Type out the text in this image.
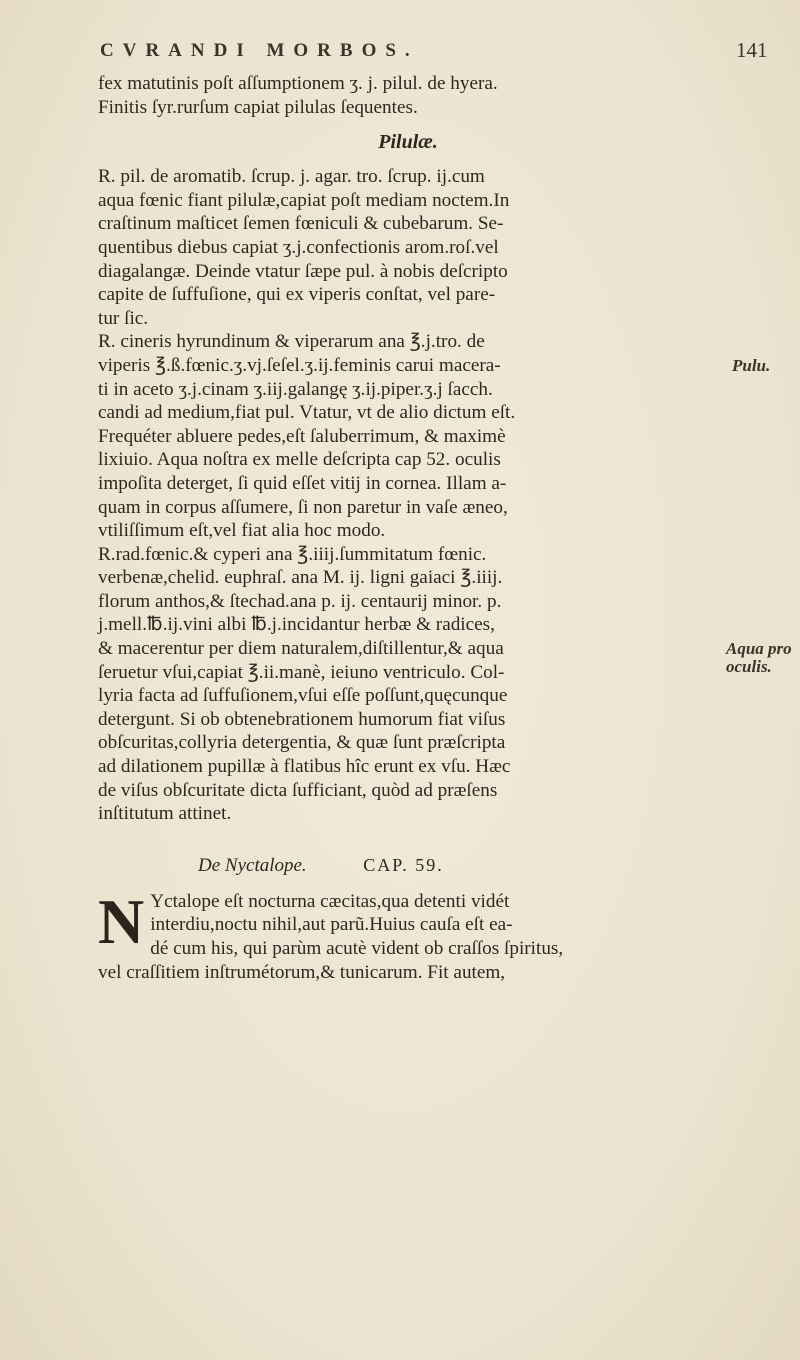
CVRANDI MORBOS.	141
fex matutinis poſt aſſumptionem ʒ. j. pilul. de hyera.
Finitis ſyr.rurſum capiat pilulas ſequentes.
Pilulæ.
R. pil. de aromatib. ſcrup. j. agar. tro. ſcrup. ij.cum
aqua fœnic fiant pilulæ,capiat poſt mediam noctem.In
craſtinum maſticet ſemen fœniculi & cubebarum. Se-
quentibus diebus capiat ʒ.j.confectionis arom.roſ.vel
diagalangæ. Deinde vtatur ſæpe pul. à nobis deſcripto
capite de ſuffuſione, qui ex viperis conſtat, vel pare-
tur ſic.
R. cineris hyrundinum & viperarum ana ℥.j.tro. de
viperis ℥.ß.fœnic.ʒ.vj.ſeſel.ʒ.ij.feminis carui macera-
ti in aceto ʒ.j.cinam ʒ.iij.galangę ʒ.ij.piper.ʒ.j ſacch.
candi ad medium,fiat pul. Vtatur, vt de alio dictum eſt.
Frequéter abluere pedes,eſt ſaluberrimum, & maximè
lixiuio. Aqua noſtra ex melle deſcripta cap 52. oculis
impoſita deterget, ſi quid eſſet vitij in cornea. Illam a-
quam in corpus aſſumere, ſi non paretur in vaſe æneo,
vtiliſſimum eſt,vel fiat alia hoc modo.
R.rad.fœnic.& cyperi ana ℥.iiij.ſummitatum fœnic.
verbenæ,chelid. euphraſ. ana M. ij. ligni gaiaci ℥.iiij.
florum anthos,& ſtechad.ana p. ij. centaurij minor. p.
j.mell.℔.ij.vini albi ℔.j.incidantur herbæ & radices,
& macerentur per diem naturalem,diſtillentur,& aqua
ſeruetur vſui,capiat ℥.ii.manè, ieiuno ventriculo. Col-
lyria facta ad ſuffuſionem,vſui eſſe poſſunt,quęcunque
detergunt. Si ob obtenebrationem humorum fiat viſus
obſcuritas,collyria detergentia, & quæ ſunt præſcripta
ad dilationem pupillæ à flatibus hîc erunt ex vſu. Hæc
de viſus obſcuritate dicta ſufficiant, quòd ad præſens
inſtitutum attinet.
De Nyctalope.	CAP. 59.
N Yctalope eſt nocturna cæcitas,qua detenti vidét
interdiu,noctu nihil,aut parũ.Huius cauſa eſt ea-
dé cum his, qui parùm acutè vident ob craſſos ſpiritus,
vel craſſitiem inſtrumétorum,& tunicarum. Fit autem,
Pulu.
Aqua pro oculis.
